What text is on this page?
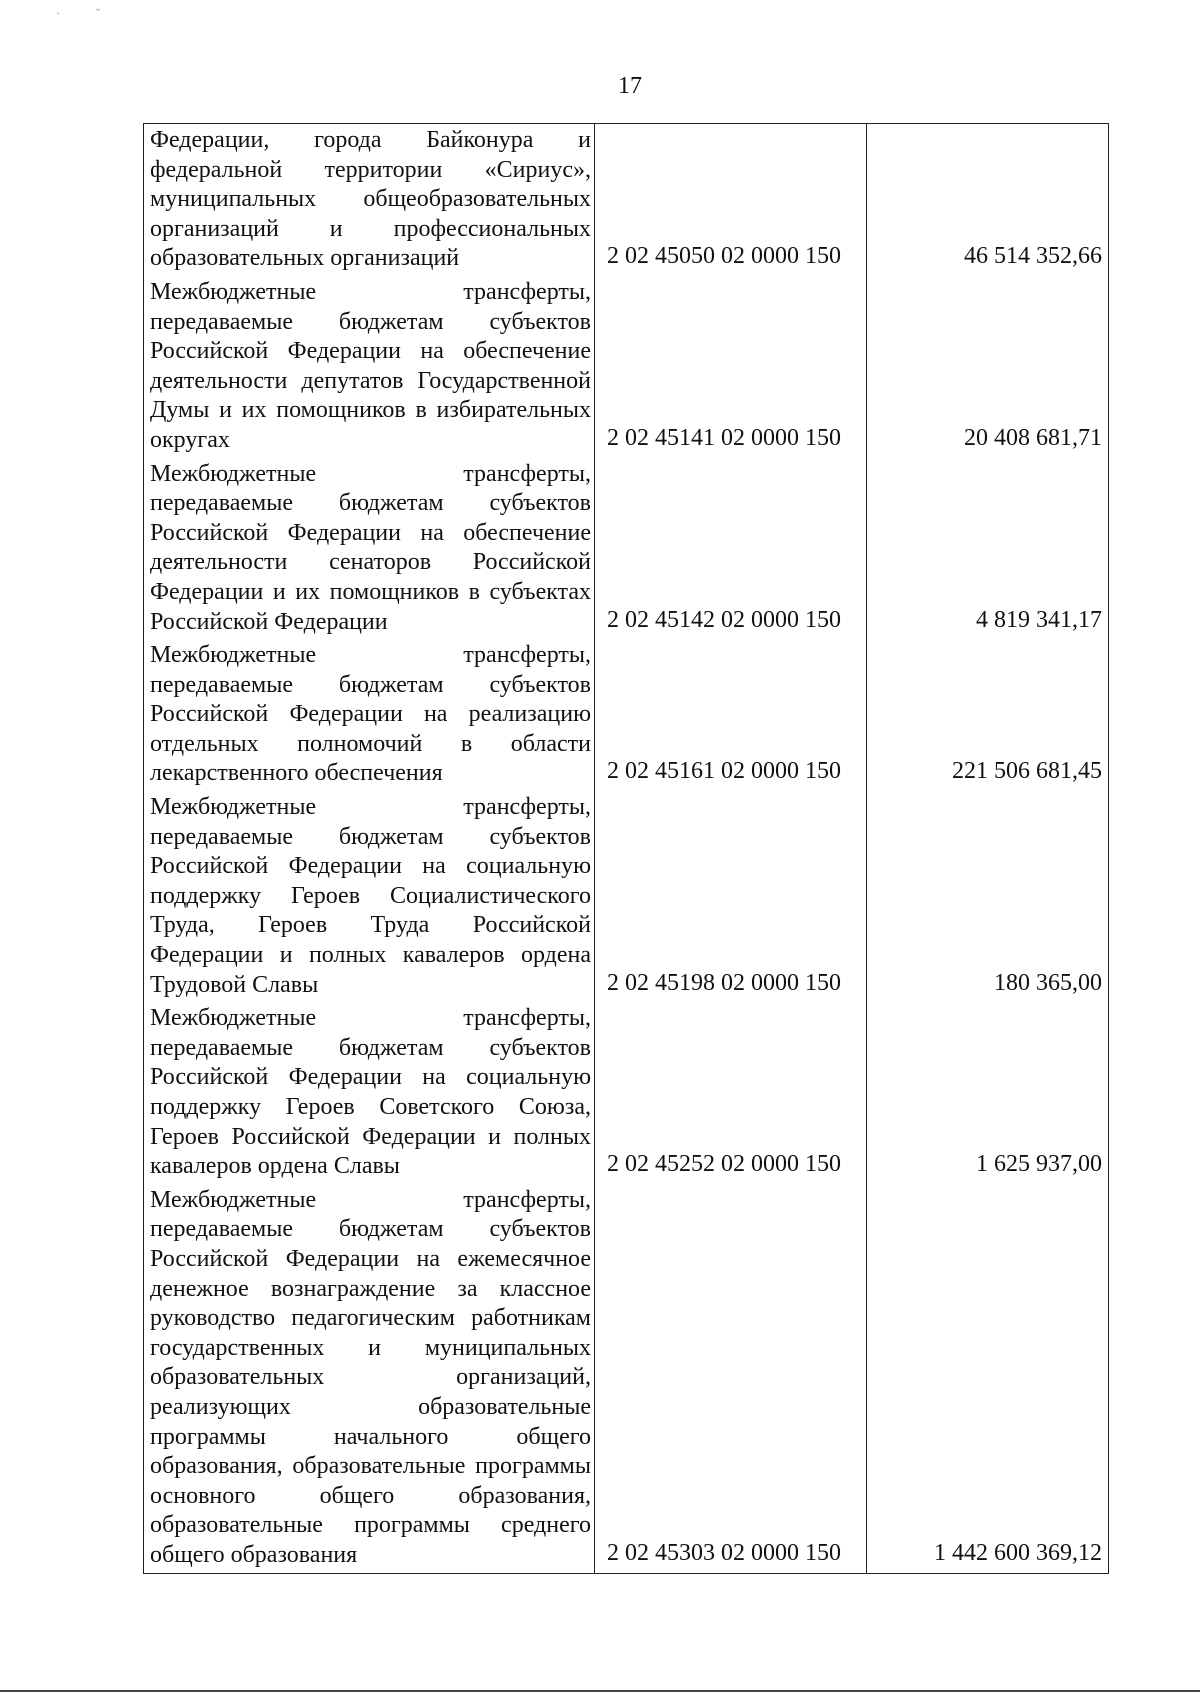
·            ˇ
17
Федерации, города Байконура и федеральной территории «Сириус», муниципальных общеобразовательных организаций и профессиональных образовательных организаций	2 02 45050 02 0000 150	46 514 352,66
Межбюджетные трансферты, передаваемые бюджетам субъектов Российской Федерации на обеспечение деятельности депутатов Государственной Думы и их помощников в избирательных округах	2 02 45141 02 0000 150	20 408 681,71
Межбюджетные трансферты, передаваемые бюджетам субъектов Российской Федерации на обеспечение деятельности сенаторов Российской Федерации и их помощников в субъектах Российской Федерации	2 02 45142 02 0000 150	4 819 341,17
Межбюджетные трансферты, передаваемые бюджетам субъектов Российской Федерации на реализацию отдельных полномочий в области лекарственного обеспечения	2 02 45161 02 0000 150	221 506 681,45
Межбюджетные трансферты, передаваемые бюджетам субъектов Российской Федерации на социальную поддержку Героев Социалистического Труда, Героев Труда Российской Федерации и полных кавалеров ордена Трудовой Славы	2 02 45198 02 0000 150	180 365,00
Межбюджетные трансферты, передаваемые бюджетам субъектов Российской Федерации на социальную поддержку Героев Советского Союза, Героев Российской Федерации и полных кавалеров ордена Славы	2 02 45252 02 0000 150	1 625 937,00
Межбюджетные трансферты, передаваемые бюджетам субъектов Российской Федерации на ежемесячное денежное вознаграждение за классное руководство педагогическим работникам государственных и муниципальных образовательных организаций, реализующих образовательные программы начального общего образования, образовательные программы основного общего образования, образовательные программы среднего общего образования	2 02 45303 02 0000 150	1 442 600 369,12
